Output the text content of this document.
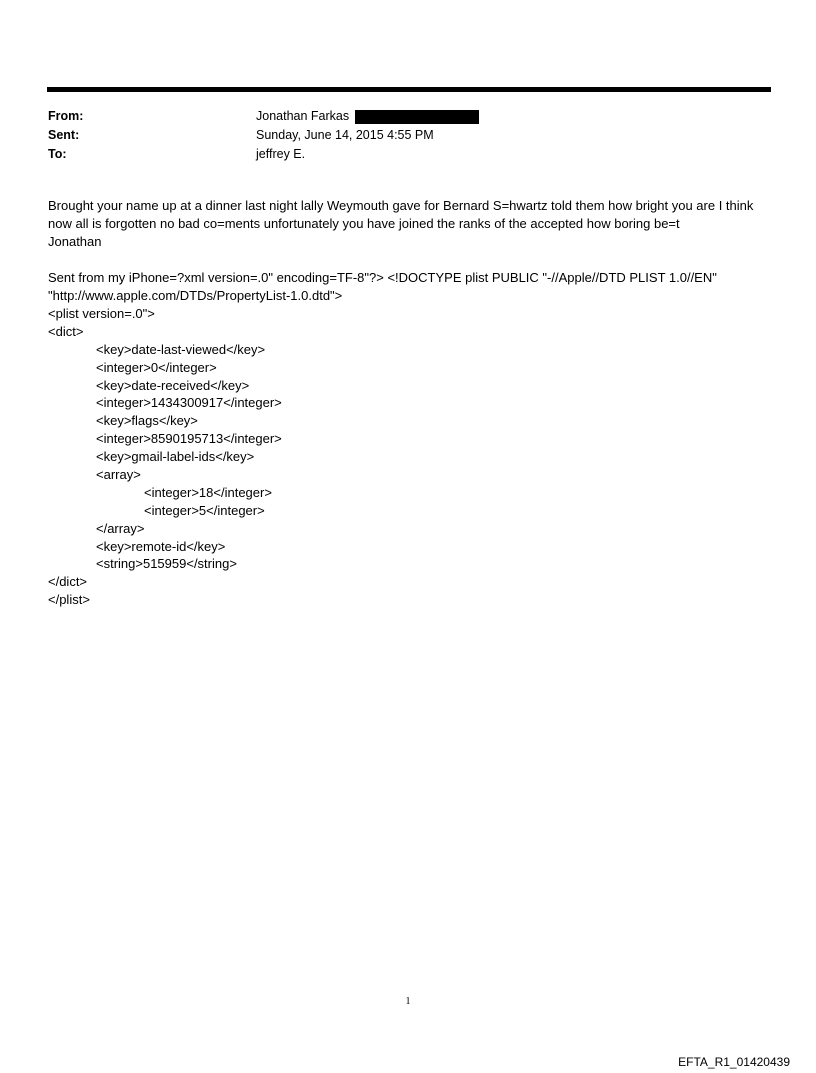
From:	Jonathan Farkas
Sent:	Sunday, June 14, 2015 4:55 PM
To:	jeffrey E.
Brought your name up at a dinner last night lally Weymouth gave for Bernard S=hwartz told them how bright you are I think now all is forgotten no bad co=ments unfortunately you have joined the ranks of the accepted how boring be=t
Jonathan
Sent from my iPhone=?xml version=.0" encoding=TF-8"?> <!DOCTYPE plist PUBLIC "-//Apple//DTD PLIST 1.0//EN" "http://www.apple.com/DTDs/PropertyList-1.0.dtd">
<plist version=.0">
<dict>
<key>date-last-viewed</key>
<integer>0</integer>
<key>date-received</key>
<integer>1434300917</integer>
<key>flags</key>
<integer>8590195713</integer>
<key>gmail-label-ids</key>
<array>
<integer>18</integer>
<integer>5</integer>
</array>
<key>remote-id</key>
<string>515959</string>
</dict>
</plist>
1
EFTA_R1_01420439
